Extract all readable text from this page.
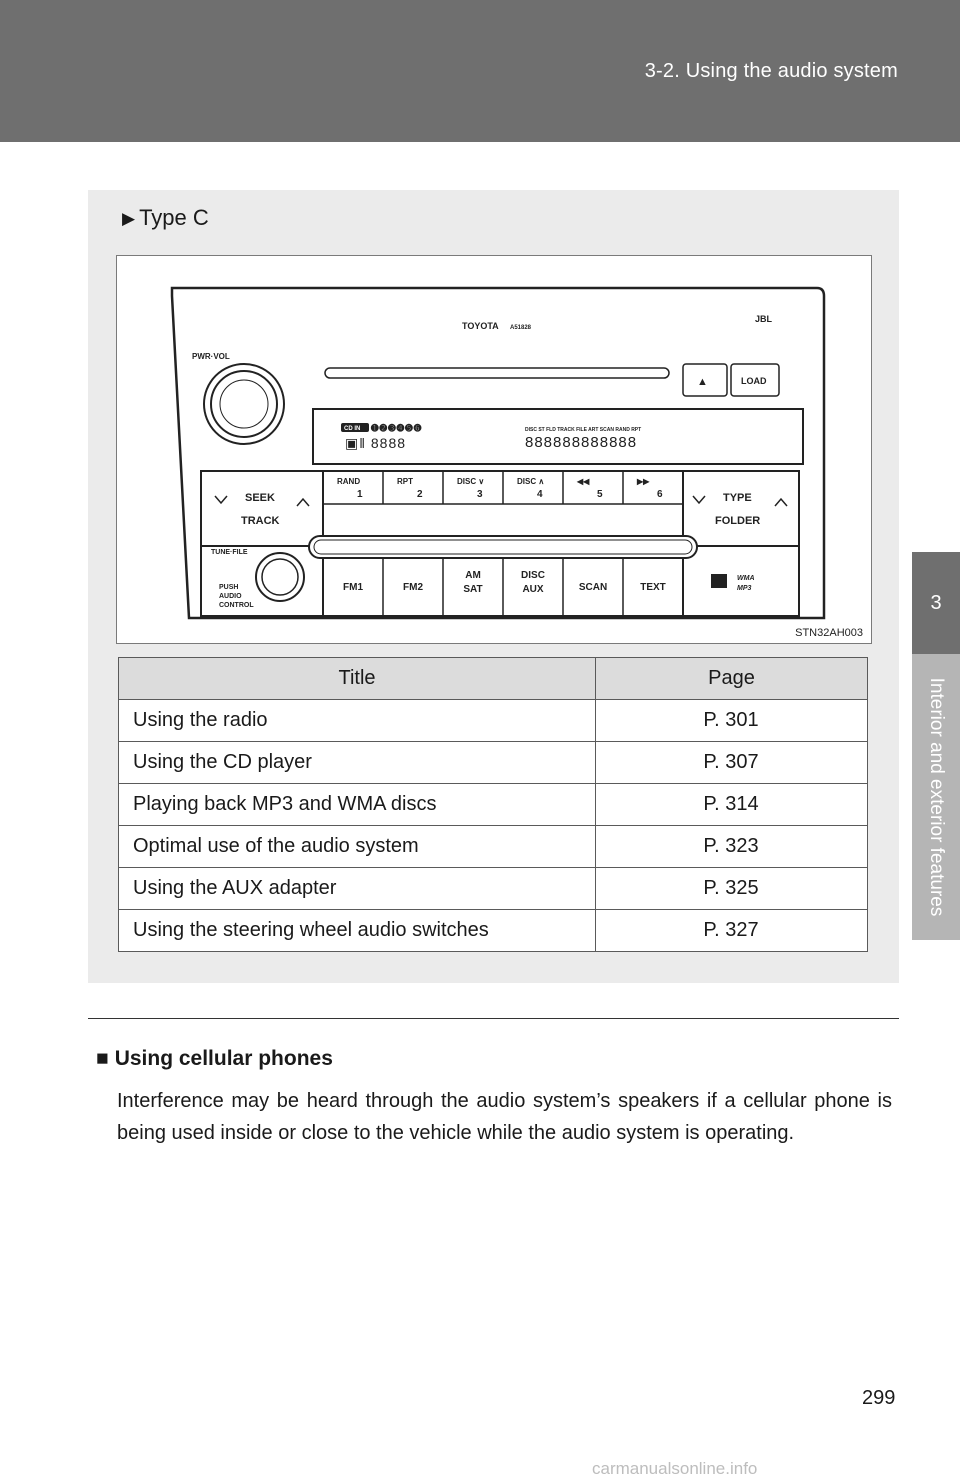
3-2. Using the audio system
3
Interior and exterior features
▶ Type C
TOYOTA A51828
JBL
PWR·VOL
▲	LOAD
CD IN ➊➋➌➍➎➏
▣ǁ 8888
DISC ST FLD TRACK FILE ART SCAN RAND RPT
888888888888
SEEK
TRACK
TYPE
FOLDER
RAND
1
RPT
2
DISC ∨
3
DISC ∧
4
◀◀
5
▶▶
6
TUNE·FILE
PUSH
AUDIO
CONTROL
FM1	FM2
AM
SAT
DISC
AUX	SCAN	TEXT
WMA
MP3
STN32AH003
Title	Page
Using the radio	P. 301
Using the CD player	P. 307
Playing back MP3 and WMA discs	P. 314
Optimal use of the audio system	P. 323
Using the AUX adapter	P. 325
Using the steering wheel audio switches	P. 327
■ Using cellular phones
Interference may be heard through the audio system’s speakers if a cellular phone is being used inside or close to the vehicle while the audio system is operating.
299
carmanualsonline.info
